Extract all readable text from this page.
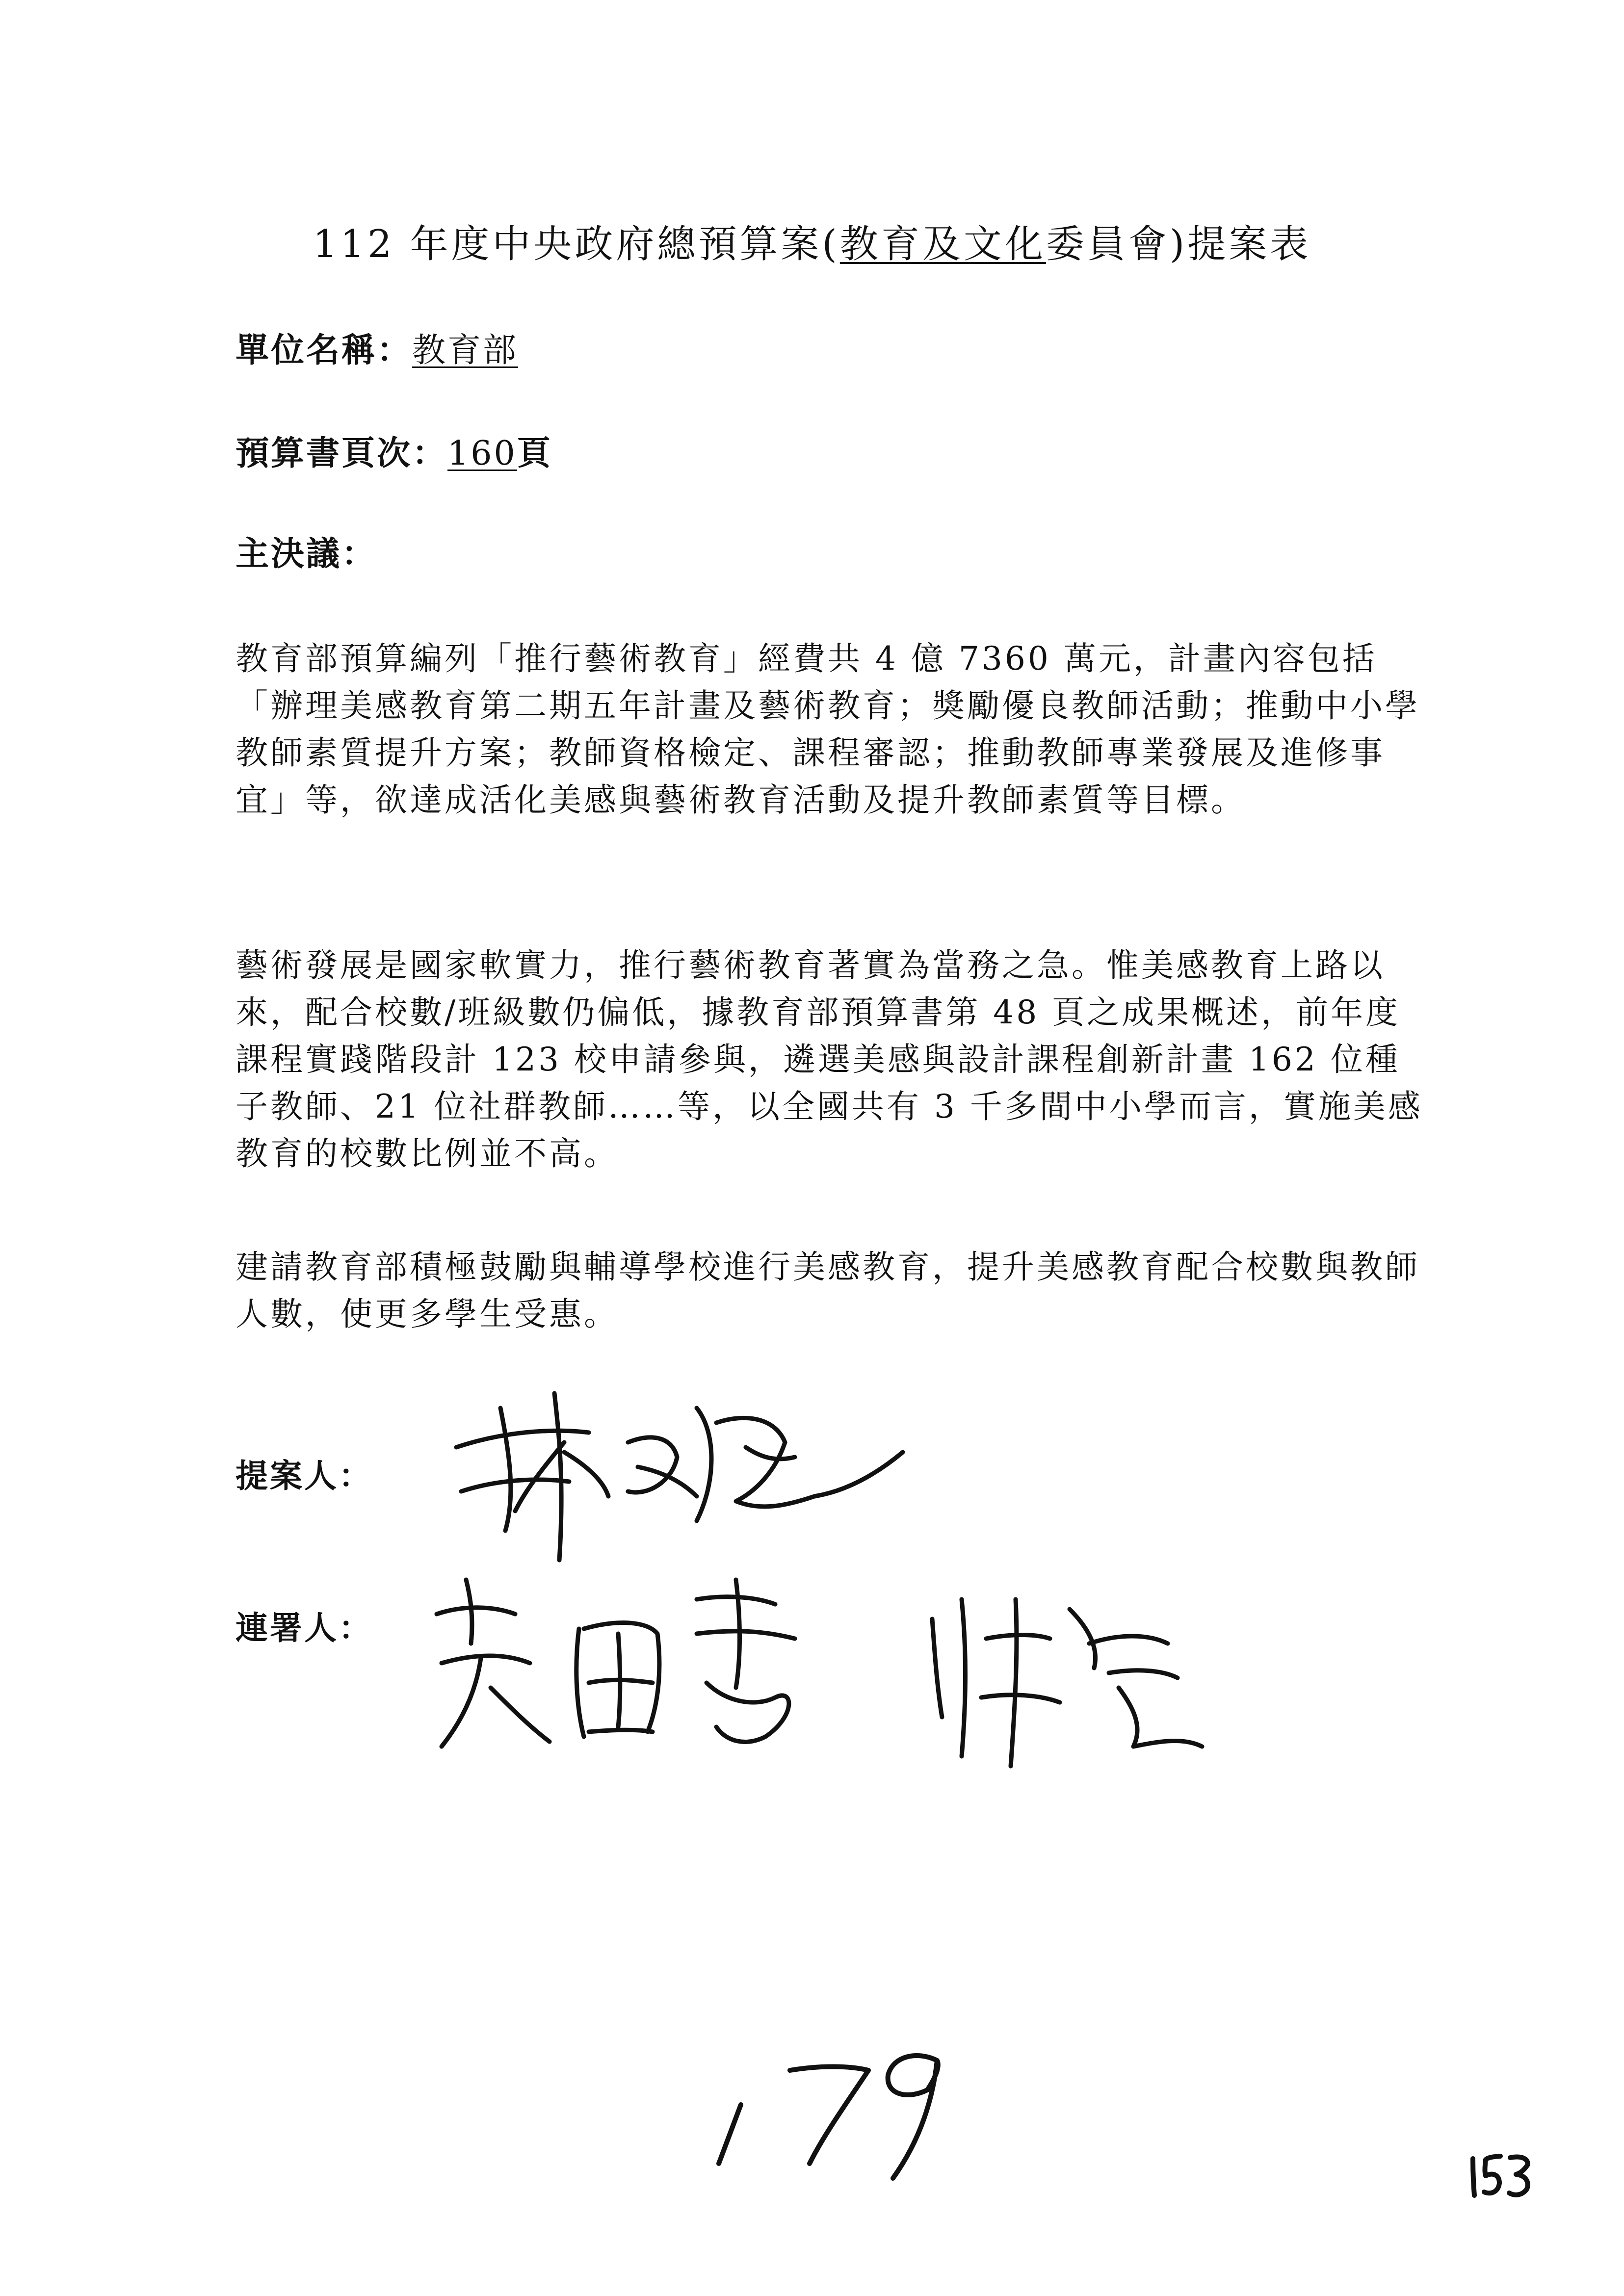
112 年度中央政府總預算案(教育及文化委員會)提案表
單位名稱：教育部
預算書頁次：160頁
主決議：

教育部預算編列「推行藝術教育」經費共 4 億 7360 萬元，計畫內容包括「辦理美感教育第二期五年計畫及藝術教育；獎勵優良教師活動；推動中小學教師素質提升方案；教師資格檢定、課程審認；推動教師專業發展及進修事宜」等，欲達成活化美感與藝術教育活動及提升教師素質等目標。

藝術發展是國家軟實力，推行藝術教育著實為當務之急。惟美感教育上路以來，配合校數/班級數仍偏低，據教育部預算書第 48 頁之成果概述，前年度課程實踐階段計 123 校申請參與，遴選美感與設計課程創新計畫 162 位種子教師、21 位社群教師……等，以全國共有 3 千多間中小學而言，實施美感教育的校數比例並不高。

建請教育部積極鼓勵與輔導學校進行美感教育，提升美感教育配合校數與教師人數，使更多學生受惠。

提案人：
連署人：
